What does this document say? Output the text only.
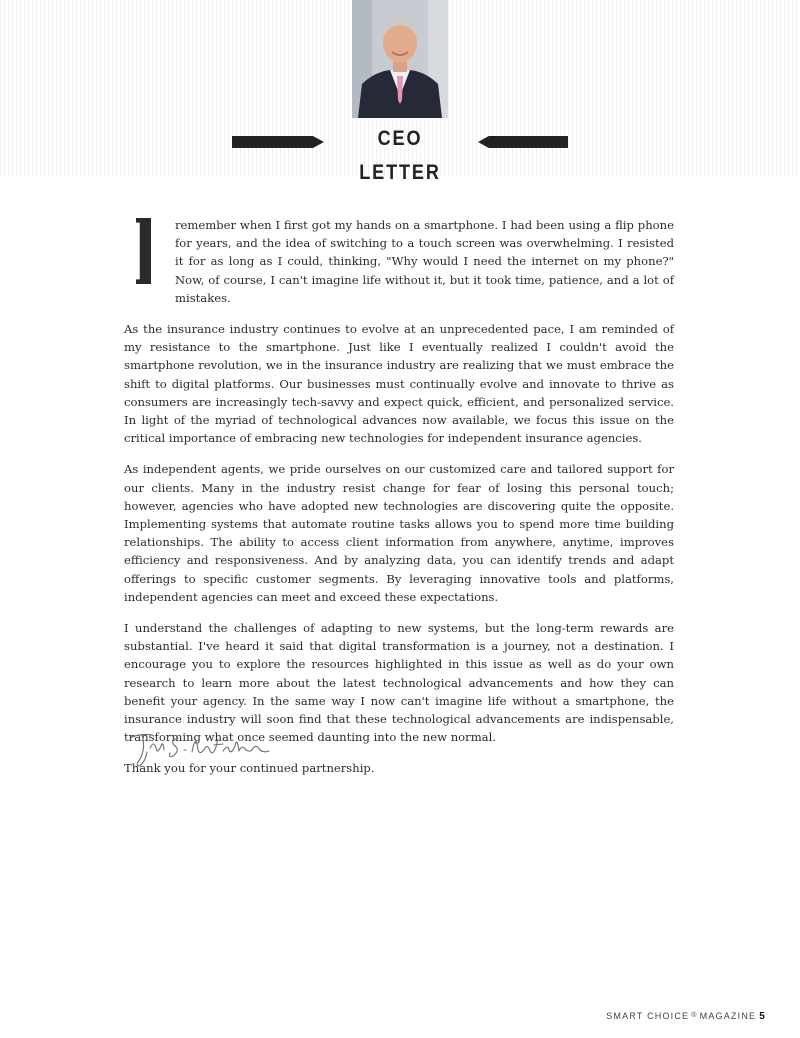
CEO LETTER

remember when I first got my hands on a smartphone. I had been using a flip phone for years, and the idea of switching to a touch screen was overwhelming. I resisted it for as long as I could, thinking, "Why would I need the internet on my phone?" Now, of course, I can't imagine life without it, but it took time, patience, and a lot of mistakes.

As the insurance industry continues to evolve at an unprecedented pace, I am reminded of my resistance to the smartphone. Just like I eventually realized I couldn't avoid the smartphone revolution, we in the insurance industry are realizing that we must embrace the shift to digital platforms. Our businesses must continually evolve and innovate to thrive as consumers are increasingly tech-savvy and expect quick, efficient, and personalized service. In light of the myriad of technological advances now available, we focus this issue on the critical importance of embracing new technologies for independent insurance agencies.

As independent agents, we pride ourselves on our customized care and tailored support for our clients. Many in the industry resist change for fear of losing this personal touch; however, agencies who have adopted new technologies are discovering quite the opposite. Implementing systems that automate routine tasks allows you to spend more time building relationships. The ability to access client information from anywhere, anytime, improves efficiency and responsiveness. And by analyzing data, you can identify trends and adapt offerings to specific customer segments. By leveraging innovative tools and platforms, independent agencies can meet and exceed these expectations.

I understand the challenges of adapting to new systems, but the long-term rewards are substantial. I've heard it said that digital transformation is a journey, not a destination. I encourage you to explore the resources highlighted in this issue as well as do your own research to learn more about the latest technological advancements and how they can benefit your agency. In the same way I now can't imagine life without a smartphone, the insurance industry will soon find that these technological advancements are indispensable, transforming what once seemed daunting into the new normal.

Thank you for your continued partnership.

SMART CHOICE ® MAGAZINE 5
